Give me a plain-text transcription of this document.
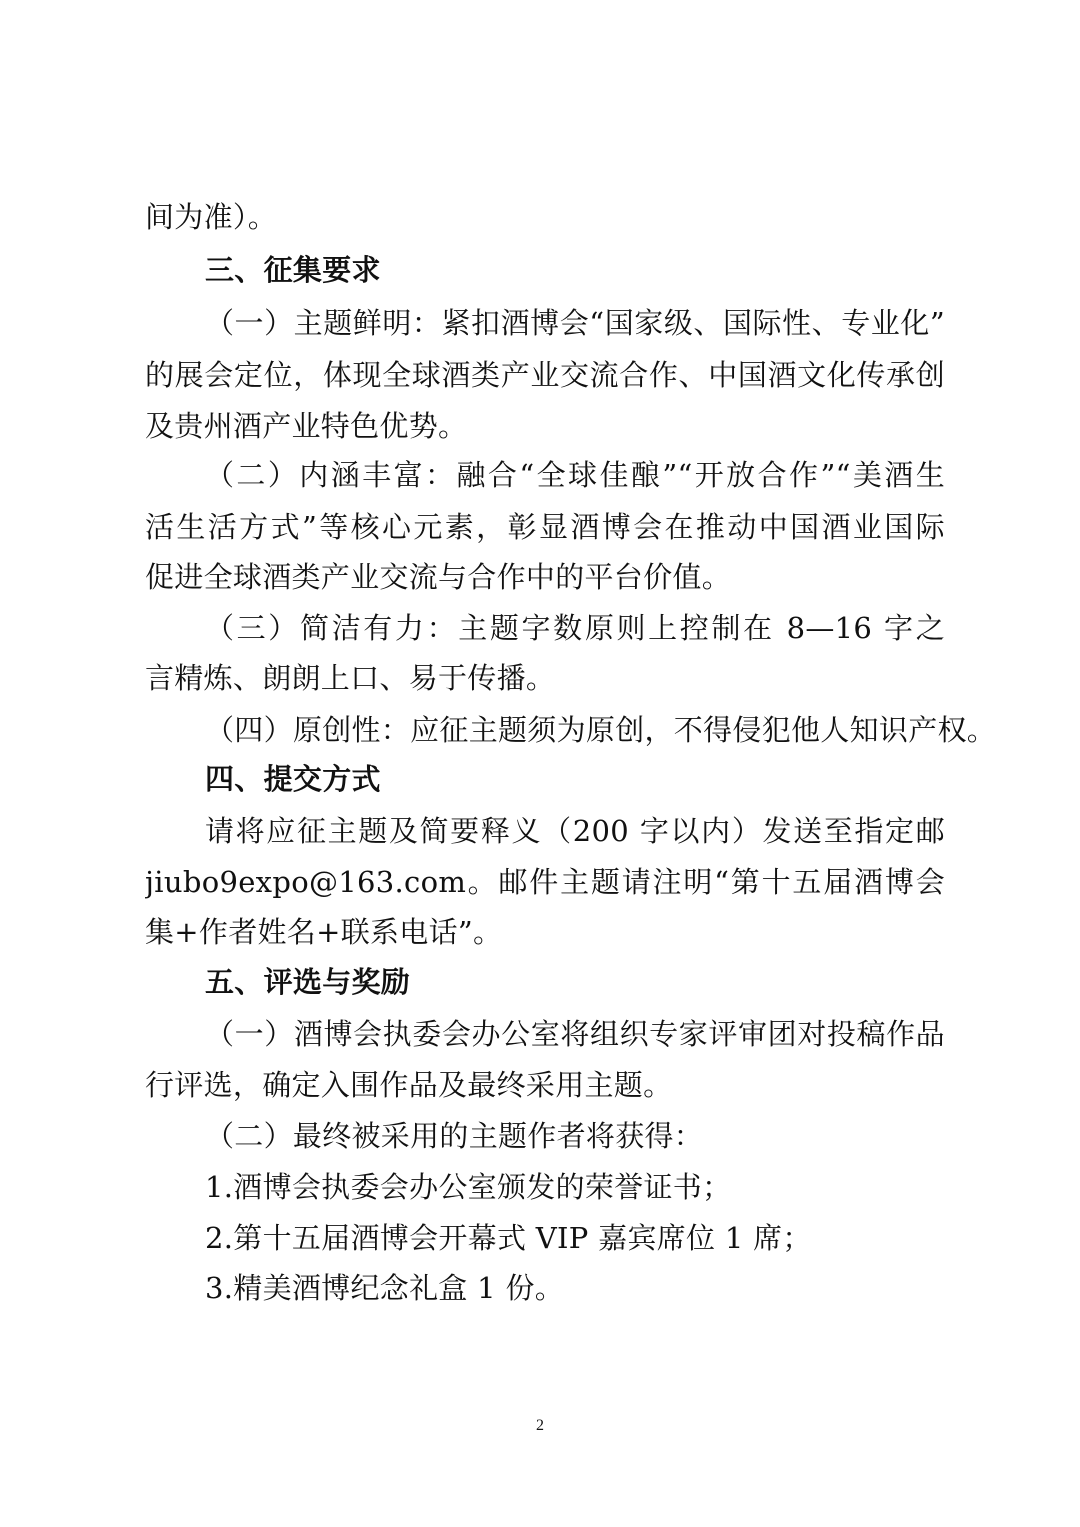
间为准）。
三、征集要求
（一）主题鲜明：紧扣酒博会“国家级、国际性、专业化”
的展会定位，体现全球酒类产业交流合作、中国酒文化传承创
及贵州酒产业特色优势。
（二）内涵丰富：融合“全球佳酿”“开放合作”“美酒生
活生活方式”等核心元素，彰显酒博会在推动中国酒业国际
促进全球酒类产业交流与合作中的平台价值。
（三）简洁有力：主题字数原则上控制在 8—16 字之
言精炼、朗朗上口、易于传播。
（四）原创性：应征主题须为原创，不得侵犯他人知识产权。
四、提交方式
请将应征主题及简要释义（200 字以内）发送至指定邮
jiubo9expo@163.com。邮件主题请注明“第十五届酒博会
集+作者姓名+联系电话”。
五、评选与奖励
（一）酒博会执委会办公室将组织专家评审团对投稿作品
行评选，确定入围作品及最终采用主题。
（二）最终被采用的主题作者将获得：
1.酒博会执委会办公室颁发的荣誉证书；
2.第十五届酒博会开幕式 VIP 嘉宾席位 1 席；
3.精美酒博纪念礼盒 1 份。
2
